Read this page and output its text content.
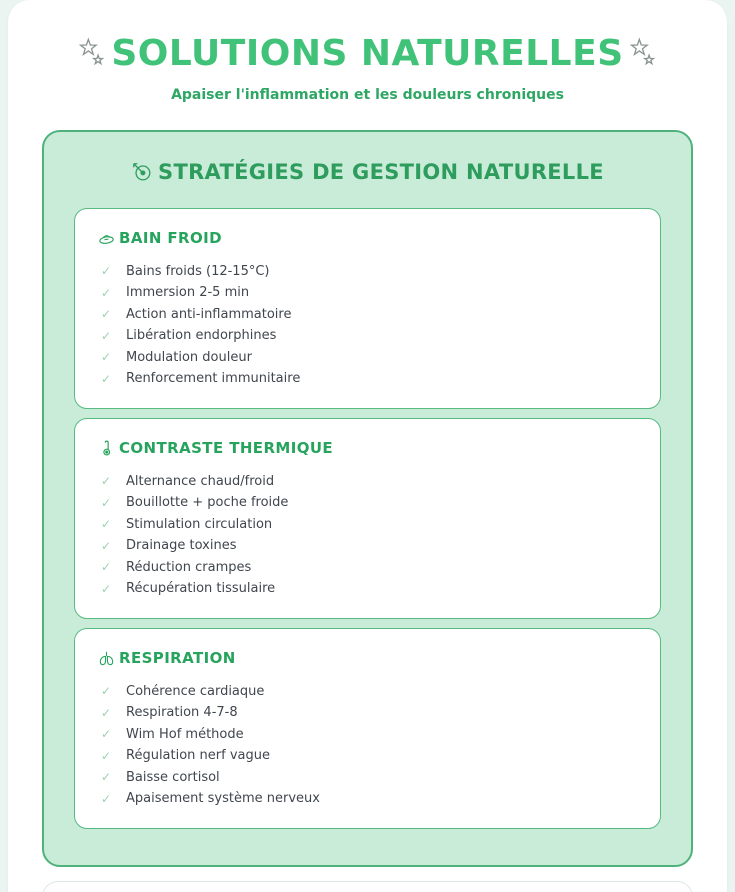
SOLUTIONS NATURELLES
Apaiser l'inflammation et les douleurs chroniques
STRATÉGIES DE GESTION NATURELLE
BAIN FROID
✓ Bains froids (12-15°C)
✓ Immersion 2-5 min
✓ Action anti-inflammatoire
✓ Libération endorphines
✓ Modulation douleur
✓ Renforcement immunitaire
CONTRASTE THERMIQUE
✓ Alternance chaud/froid
✓ Bouillotte + poche froide
✓ Stimulation circulation
✓ Drainage toxines
✓ Réduction crampes
✓ Récupération tissulaire
RESPIRATION
✓ Cohérence cardiaque
✓ Respiration 4-7-8
✓ Wim Hof méthode
✓ Régulation nerf vague
✓ Baisse cortisol
✓ Apaisement système nerveux
